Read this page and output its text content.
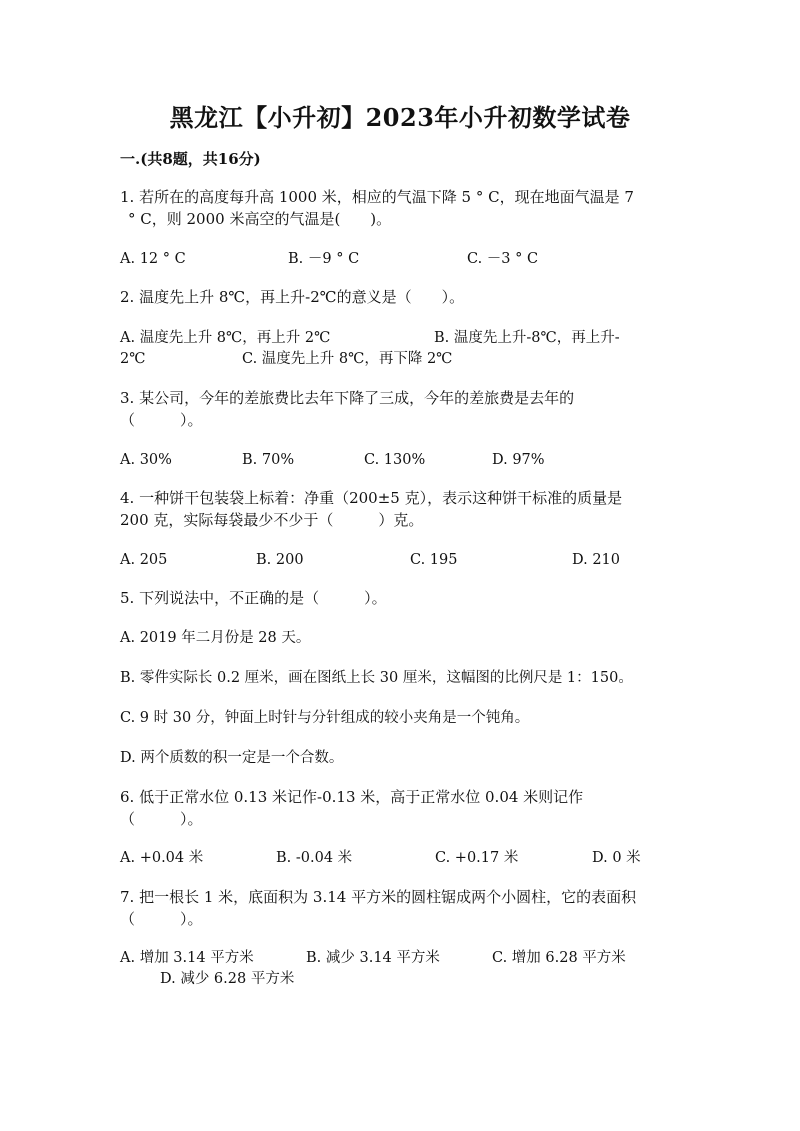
黑龙江【小升初】2023年小升初数学试卷
一.(共8题，共16分)
1. 若所在的高度每升高 1000 米，相应的气温下降 5 ° C，现在地面气温是 7
° C，则 2000 米高空的气温是(　　)。
A. 12 ° C	B. －9 ° C	C. －3 ° C
2. 温度先上升 8℃，再上升-2℃的意义是（　　）。
A. 温度先上升 8℃，再上升 2℃	B. 温度先上升-8℃，再上升-
2℃	C. 温度先上升 8℃，再下降 2℃
3. 某公司，今年的差旅费比去年下降了三成，今年的差旅费是去年的
（　　　）。
A. 30%	B. 70%	C. 130%	D. 97%
4. 一种饼干包装袋上标着：净重（200±5 克），表示这种饼干标准的质量是
200 克，实际每袋最少不少于（　　　）克。
A. 205	B. 200	C. 195	D. 210
5. 下列说法中，不正确的是（　　　）。
A. 2019 年二月份是 28 天。
B. 零件实际长 0.2 厘米，画在图纸上长 30 厘米，这幅图的比例尺是 1：150。
C. 9 时 30 分，钟面上时针与分针组成的较小夹角是一个钝角。
D. 两个质数的积一定是一个合数。
6. 低于正常水位 0.13 米记作-0.13 米，高于正常水位 0.04 米则记作
（　　　）。
A. +0.04 米	B. -0.04 米	C. +0.17 米	D. 0 米
7. 把一根长 1 米，底面积为 3.14 平方米的圆柱锯成两个小圆柱，它的表面积
（　　　）。
A. 增加 3.14 平方米	B. 减少 3.14 平方米	C. 增加 6.28 平方米
D. 减少 6.28 平方米
